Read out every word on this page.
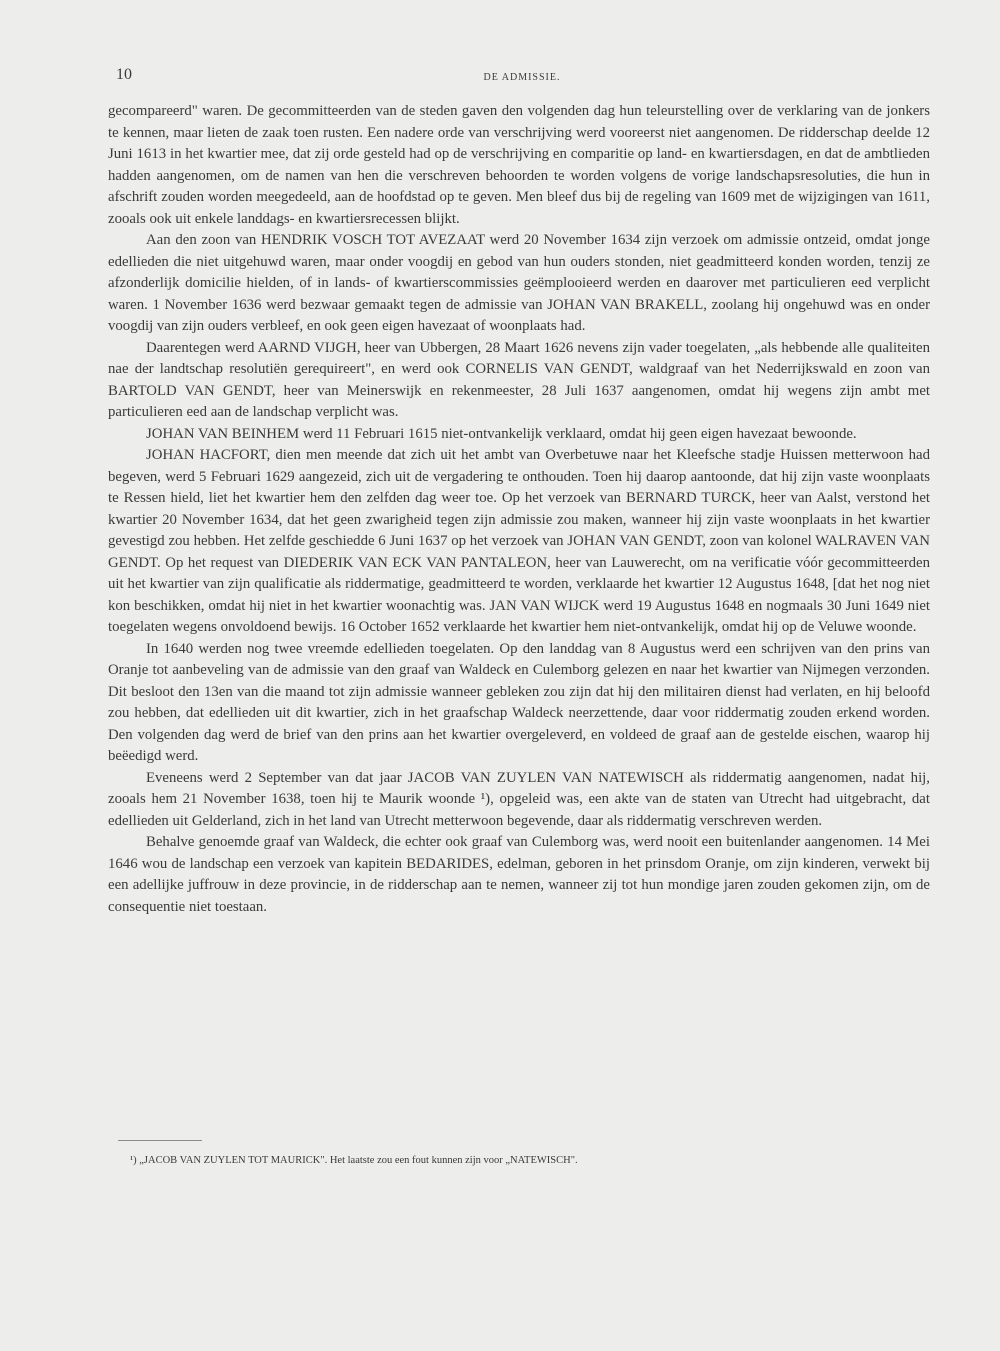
10	DE ADMISSIE.

gecompareerd" waren. De gecommitteerden van de steden gaven den volgenden dag hun teleurstelling over de verklaring van de jonkers te kennen, maar lieten de zaak toen rusten. Een nadere orde van verschrijving werd vooreerst niet aangenomen. De ridderschap deelde 12 Juni 1613 in het kwartier mee, dat zij orde gesteld had op de verschrijving en comparitie op land- en kwartiersdagen, en dat de ambtlieden hadden aangenomen, om de namen van hen die verschreven behoorden te worden volgens de vorige landschapsresoluties, die hun in afschrift zouden worden meegedeeld, aan de hoofdstad op te geven. Men bleef dus bij de regeling van 1609 met de wijzigingen van 1611, zooals ook uit enkele landdags- en kwartiersrecessen blijkt.

Aan den zoon van HENDRIK VOSCH TOT AVEZAAT werd 20 November 1634 zijn verzoek om admissie ontzeid, omdat jonge edellieden die niet uitgehuwd waren, maar onder voogdij en gebod van hun ouders stonden, niet geadmitteerd konden worden, tenzij ze afzonderlijk domicilie hielden, of in lands- of kwartierscommissies geëmplooieerd werden en daarover met particulieren eed verplicht waren. 1 November 1636 werd bezwaar gemaakt tegen de admissie van JOHAN VAN BRAKELL, zoolang hij ongehuwd was en onder voogdij van zijn ouders verbleef, en ook geen eigen havezaat of woonplaats had.

Daarentegen werd AARND VIJGH, heer van Ubbergen, 28 Maart 1626 nevens zijn vader toegelaten, „als hebbende alle qualiteiten nae der landtschap resolutiën gerequireert", en werd ook CORNELIS VAN GENDT, waldgraaf van het Nederrijkswald en zoon van BARTOLD VAN GENDT, heer van Meinerswijk en rekenmeester, 28 Juli 1637 aangenomen, omdat hij wegens zijn ambt met particulieren eed aan de landschap verplicht was.

JOHAN VAN BEINHEM werd 11 Februari 1615 niet-ontvankelijk verklaard, omdat hij geen eigen havezaat bewoonde.

JOHAN HACFORT, dien men meende dat zich uit het ambt van Overbetuwe naar het Kleefsche stadje Huissen metterwoon had begeven, werd 5 Februari 1629 aangezeid, zich uit de vergadering te onthouden. Toen hij daarop aantoonde, dat hij zijn vaste woonplaats te Ressen hield, liet het kwartier hem den zelfden dag weer toe. Op het verzoek van BERNARD TURCK, heer van Aalst, verstond het kwartier 20 November 1634, dat het geen zwarigheid tegen zijn admissie zou maken, wanneer hij zijn vaste woonplaats in het kwartier gevestigd zou hebben. Het zelfde geschiedde 6 Juni 1637 op het verzoek van JOHAN VAN GENDT, zoon van kolonel WALRAVEN VAN GENDT. Op het request van DIEDERIK VAN ECK VAN PANTALEON, heer van Lauwerecht, om na verificatie vóór gecommitteerden uit het kwartier van zijn qualificatie als riddermatige, geadmitteerd te worden, verklaarde het kwartier 12 Augustus 1648, [dat het nog niet kon beschikken, omdat hij niet in het kwartier woonachtig was. JAN VAN WIJCK werd 19 Augustus 1648 en nogmaals 30 Juni 1649 niet toegelaten wegens onvoldoend bewijs. 16 October 1652 verklaarde het kwartier hem niet-ontvankelijk, omdat hij op de Veluwe woonde.

In 1640 werden nog twee vreemde edellieden toegelaten. Op den landdag van 8 Augustus werd een schrijven van den prins van Oranje tot aanbeveling van de admissie van den graaf van Waldeck en Culemborg gelezen en naar het kwartier van Nijmegen verzonden. Dit besloot den 13en van die maand tot zijn admissie wanneer gebleken zou zijn dat hij den militairen dienst had verlaten, en hij beloofd zou hebben, dat edellieden uit dit kwartier, zich in het graafschap Waldeck neerzettende, daar voor riddermatig zouden erkend worden. Den volgenden dag werd de brief van den prins aan het kwartier overgeleverd, en voldeed de graaf aan de gestelde eischen, waarop hij beëedigd werd.

Eveneens werd 2 September van dat jaar JACOB VAN ZUYLEN VAN NATEWISCH als riddermatig aangenomen, nadat hij, zooals hem 21 November 1638, toen hij te Maurik woonde ¹), opgeleid was, een akte van de staten van Utrecht had uitgebracht, dat edellieden uit Gelderland, zich in het land van Utrecht metterwoon begevende, daar als riddermatig verschreven werden.

Behalve genoemde graaf van Waldeck, die echter ook graaf van Culemborg was, werd nooit een buitenlander aangenomen. 14 Mei 1646 wou de landschap een verzoek van kapitein BEDARIDES, edelman, geboren in het prinsdom Oranje, om zijn kinderen, verwekt bij een adellijke juffrouw in deze provincie, in de ridderschap aan te nemen, wanneer zij tot hun mondige jaren zouden gekomen zijn, om de consequentie niet toestaan.

¹) „JACOB VAN ZUYLEN TOT MAURICK". Het laatste zou een fout kunnen zijn voor „NATEWISCH".
